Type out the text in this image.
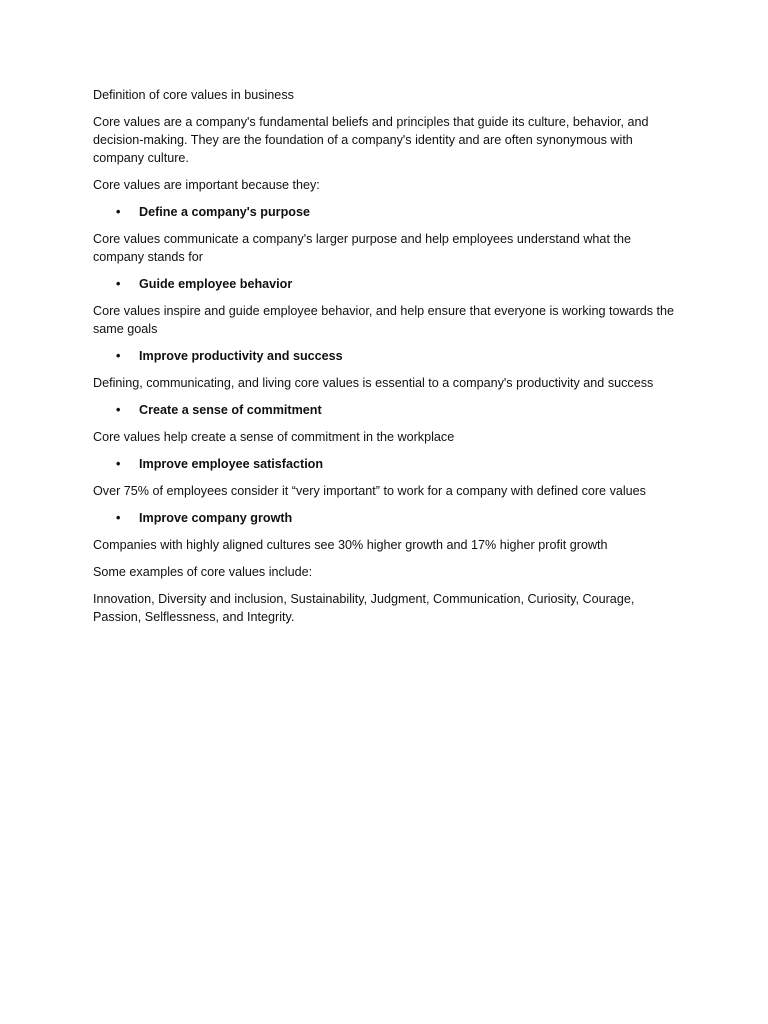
Definition of core values in business

Core values are a company's fundamental beliefs and principles that guide its culture, behavior, and decision-making. They are the foundation of a company's identity and are often synonymous with company culture.

Core values are important because they:

• Define a company's purpose

Core values communicate a company's larger purpose and help employees understand what the company stands for

• Guide employee behavior

Core values inspire and guide employee behavior, and help ensure that everyone is working towards the same goals

• Improve productivity and success

Defining, communicating, and living core values is essential to a company's productivity and success

• Create a sense of commitment

Core values help create a sense of commitment in the workplace

• Improve employee satisfaction

Over 75% of employees consider it “very important” to work for a company with defined core values

• Improve company growth

Companies with highly aligned cultures see 30% higher growth and 17% higher profit growth

Some examples of core values include:

Innovation, Diversity and inclusion, Sustainability, Judgment, Communication, Curiosity, Courage, Passion, Selflessness, and Integrity.
